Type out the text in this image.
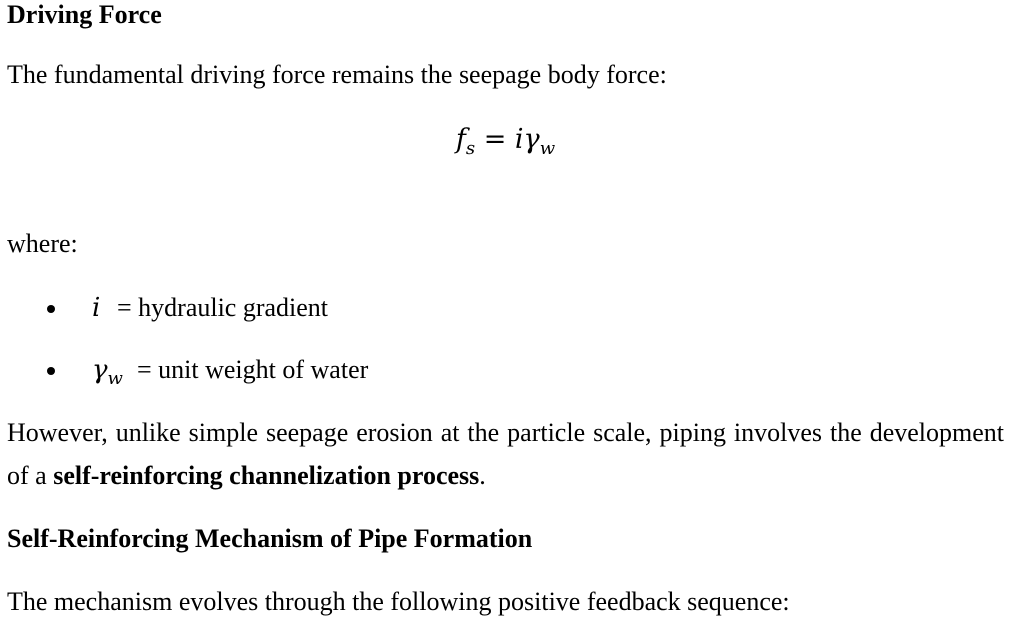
Driving Force
The fundamental driving force remains the seepage body force:
$f_s = i\gamma_w$
where:
i = hydraulic gradient
$\gamma_w$ = unit weight of water
However, unlike simple seepage erosion at the particle scale, piping involves the development of a self-reinforcing channelization process.
Self-Reinforcing Mechanism of Pipe Formation
The mechanism evolves through the following positive feedback sequence:
